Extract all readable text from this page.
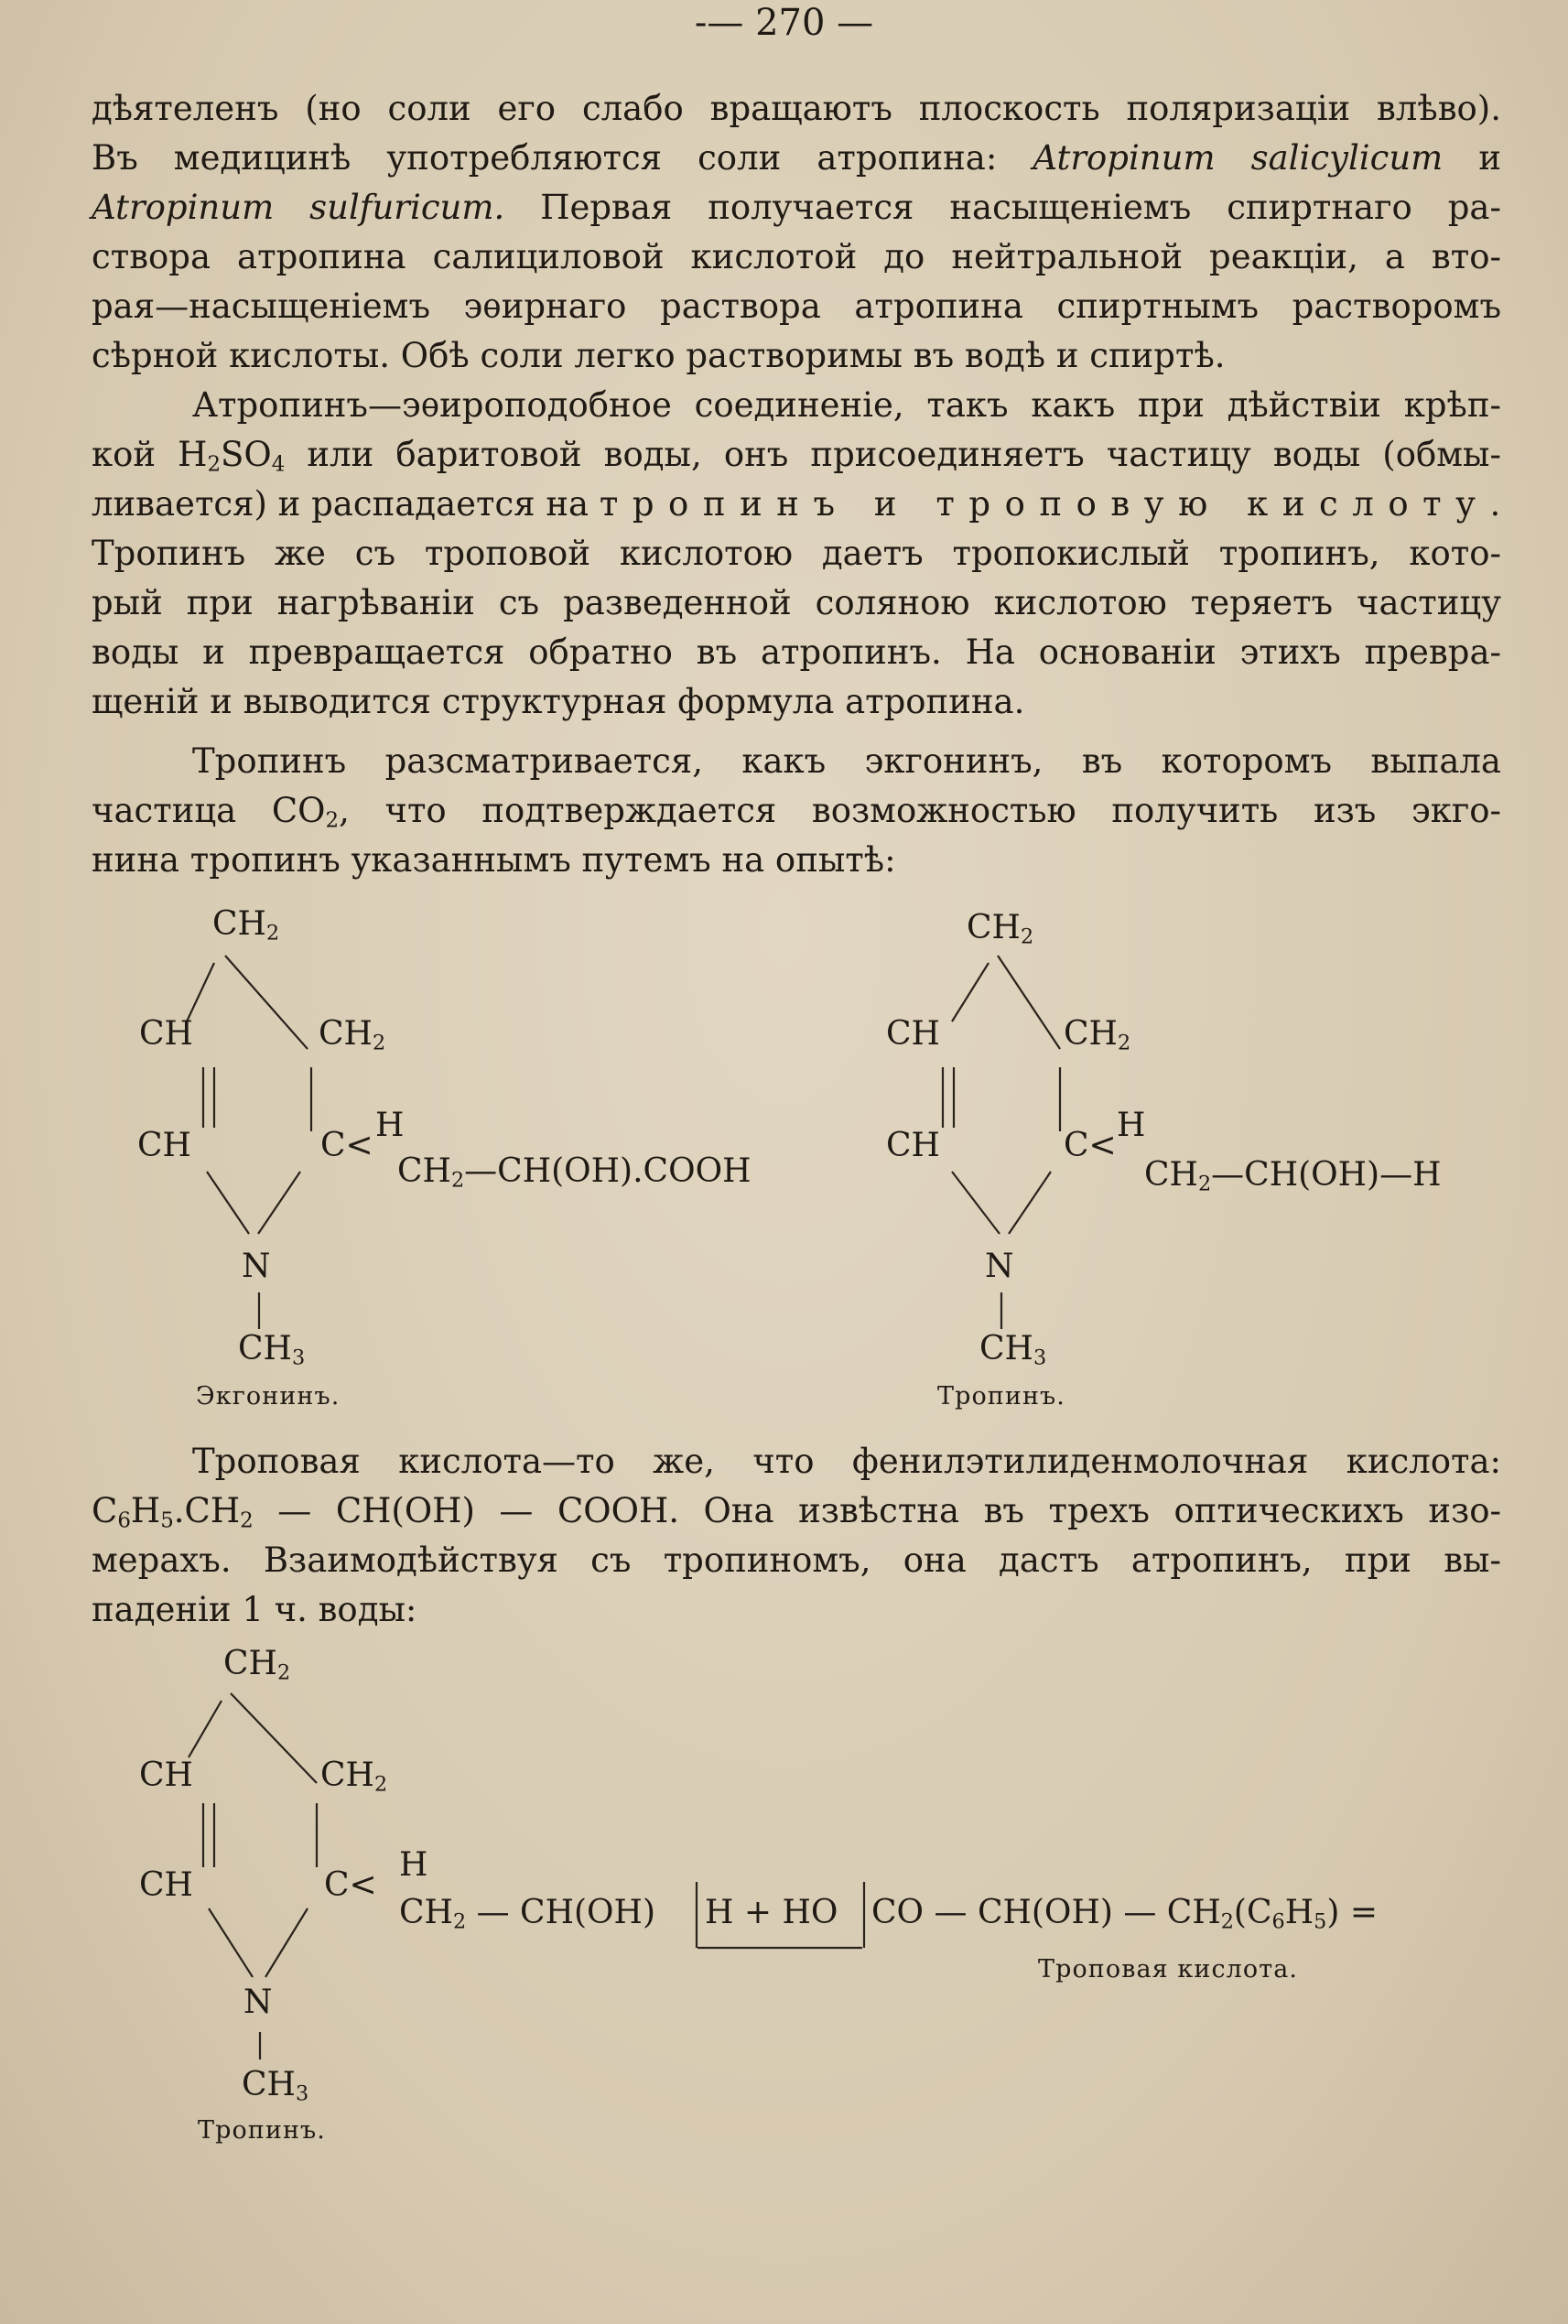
-— 270 —
дѣятеленъ (но соли его слабо вращаютъ плоскость поляризаціи влѣво).
Въ медицинѣ употребляются соли атропина: Atropinum salicylicum и
Atropinum sulfuricum. Первая получается насыщеніемъ спиртнаго ра-
створа атропина салициловой кислотой до нейтральной реакціи, а вто-
рая—насыщеніемъ эѳирнаго раствора атропина спиртнымъ растворомъ
сѣрной кислоты. Обѣ соли легко растворимы въ водѣ и спиртѣ.
Атропинъ—эѳироподобное соединеніе, такъ какъ при дѣйствіи крѣп-
кой $H_2SO_4$ или баритовой воды, онъ присоединяетъ частицу воды (обмы-
ливается) и распадается на тропинъ и троповую кислоту.
Тропинъ же съ троповой кислотою даетъ тропокислый тропинъ, кото-
рый при нагрѣваніи съ разведенной соляною кислотою теряетъ частицу
воды и превращается обратно въ атропинъ. На основаніи этихъ превра-
щеній и выводится структурная формула атропина.
Тропинъ разсматривается, какъ экгонинъ, въ которомъ выпала
частица $CO_2$, что подтверждается возможностью получить изъ экго-
нина тропинъ указаннымъ путемъ на опытѣ:
$CH_2$
CH	$CH_2$
CH	C<
H
$CH_2—CH(OH).COOH$
N
$CH_3$
Экгонинъ.
$CH_2$
CH	$CH_2$
CH	C<
H
$CH_2—CH(OH)—H$
N
$CH_3$
Тропинъ.
Троповая кислота—то же, что фенилэтилиденмолочная кислота:
$C_6H_5.CH_2$ — CH(OH) — COOH. Она извѣстна въ трехъ оптическихъ изо-
мерахъ. Взаимодѣйствуя съ тропиномъ, она дастъ атропинъ, при вы-
паденіи 1 ч. воды:
$CH_2$
CH	$CH_2$
CH	C<
H
$CH_2$ — CH(OH) H + HO CO — CH(OH) — $CH_2(C_6H_5)$ =
Троповая кислота.
N
$CH_3$
Тропинъ.
